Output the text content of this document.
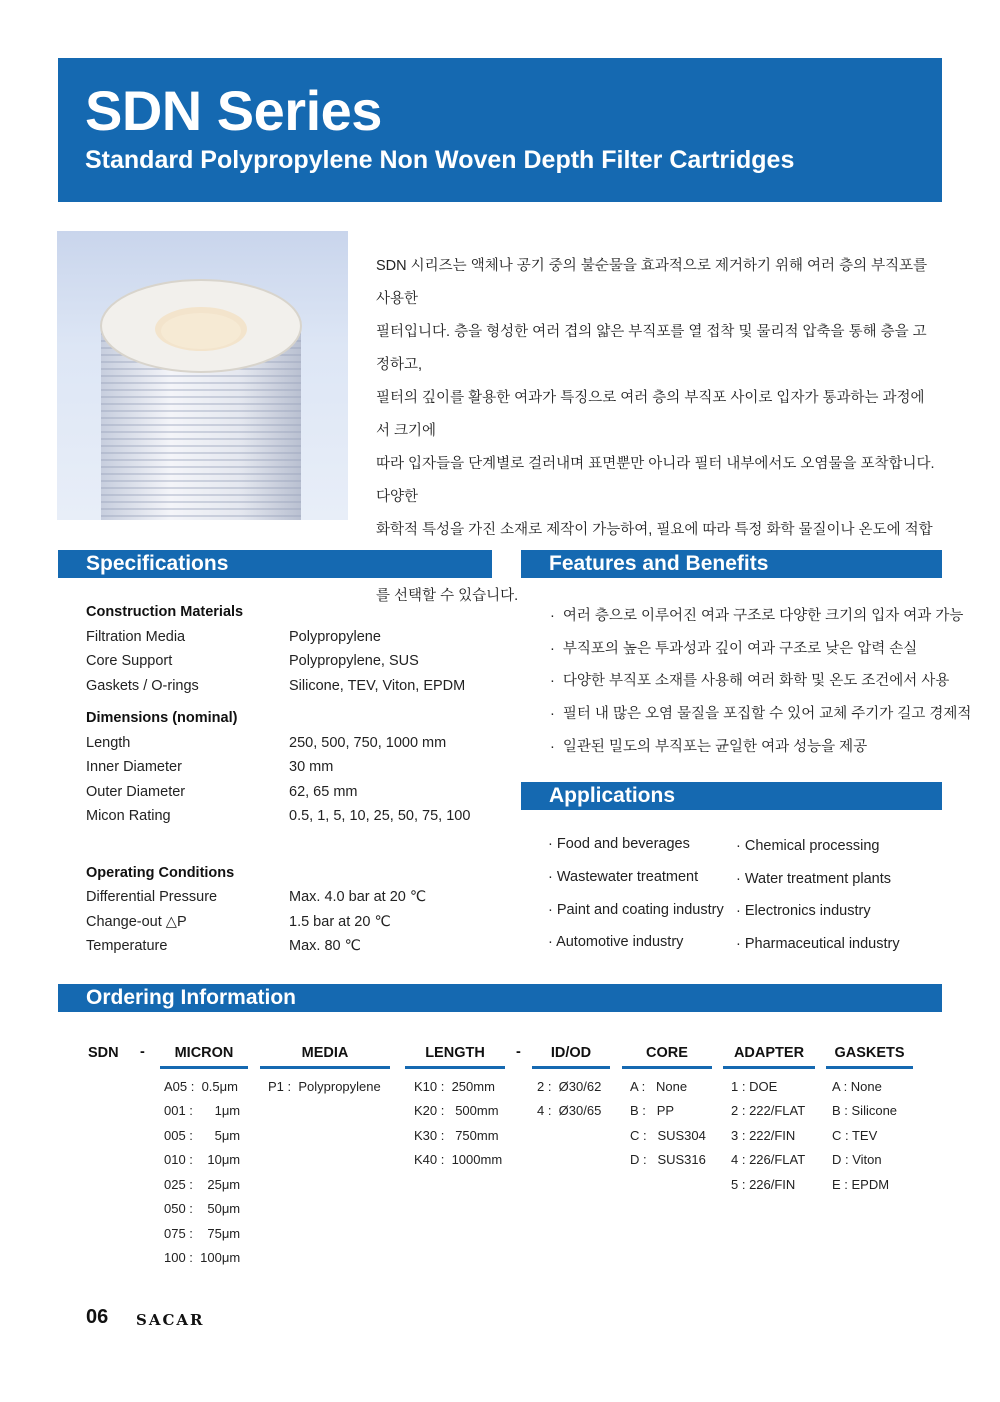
SDN Series
Standard Polypropylene Non Woven Depth Filter Cartridges
SDN 시리즈는 액체나 공기 중의 불순물을 효과적으로 제거하기 위해 여러 층의 부직포를 사용한
필터입니다. 층을 형성한 여러 겹의 얇은 부직포를 열 접착 및 물리적 압축을 통해 층을 고정하고,
필터의 깊이를 활용한 여과가 특징으로 여러 층의 부직포 사이로 입자가 통과하는 과정에서 크기에
따라 입자들을 단계별로 걸러내며 표면뿐만 아니라 필터 내부에서도 오염물을 포착합니다. 다양한
화학적 특성을 가진 소재로 제작이 가능하여, 필요에 따라 특정 화학 물질이나 온도에 적합
를 선택할 수 있습니다.
Specifications
Construction Materials
Filtration Media	Polypropylene
Core Support	Polypropylene, SUS
Gaskets / O-rings	Silicone, TEV, Viton, EPDM
Dimensions (nominal)
Length	250, 500, 750, 1000 mm
Inner Diameter	30 mm
Outer Diameter	62, 65 mm
Micon Rating	0.5, 1, 5, 10, 25, 50, 75, 100
Operating Conditions
Differential Pressure	Max. 4.0 bar at 20 ℃
Change-out △P	1.5 bar at 20 ℃
Temperature	Max. 80 ℃
Features and Benefits
·  여러 층으로 이루어진 여과 구조로 다양한 크기의 입자 여과 가능
·  부직포의 높은 투과성과 깊이 여과 구조로 낮은 압력 손실
·  다양한 부직포 소재를 사용해 여러 화학 및 온도 조건에서 사용
·  필터 내 많은 오염 물질을 포집할 수 있어 교체 주기가 길고 경제적
·  일관된 밀도의 부직포는 균일한 여과 성능을 제공
Applications
· Food and beverages
· Wastewater treatment
· Paint and coating industry
· Automotive industry
· Chemical processing
· Water treatment plants
· Electronics industry
· Pharmaceutical industry
Ordering Information
SDN -	-
MICRON
A05 :  0.5μm
001 :      1μm
005 :      5μm
010 :    10μm
025 :    25μm
050 :    50μm
075 :    75μm
100 :  100μm
MEDIA
P1 :  Polypropylene
LENGTH
K10 :  250mm
K20 :   500mm
K30 :   750mm
K40 :  1000mm
ID/OD
2 :  Ø30/62
4 :  Ø30/65
CORE
A :   None
B :   PP
C :   SUS304
D :   SUS316
ADAPTER
1 : DOE
2 : 222/FLAT
3 : 222/FIN
4 : 226/FLAT
5 : 226/FIN
GASKETS
A : None
B : Silicone
C : TEV
D : Viton
E : EPDM
06 SACAR
